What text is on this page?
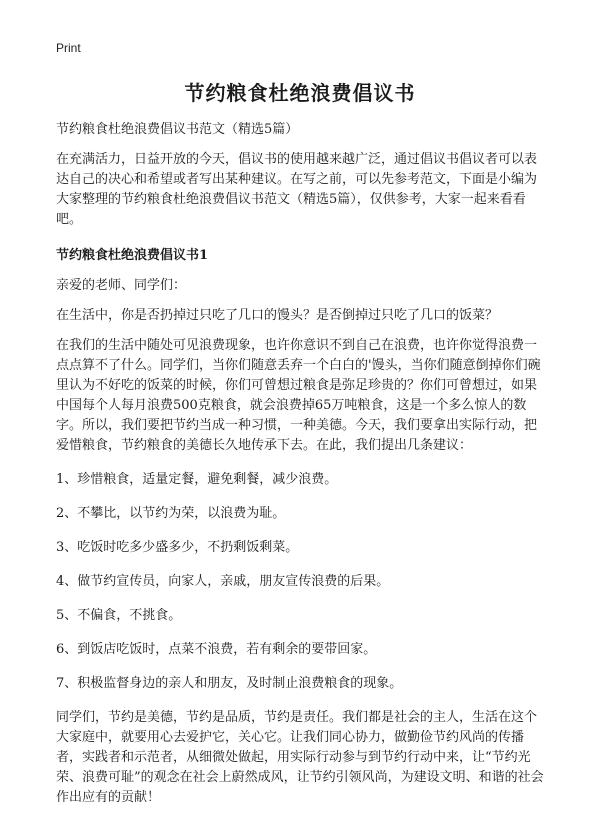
Print
节约粮食杜绝浪费倡议书

节约粮食杜绝浪费倡议书范文（精选5篇）

在充满活力，日益开放的今天，倡议书的使用越来越广泛，通过倡议书倡议者可以表达自己的决心和希望或者写出某种建议。在写之前，可以先参考范文，下面是小编为大家整理的节约粮食杜绝浪费倡议书范文（精选5篇），仅供参考，大家一起来看看吧。

节约粮食杜绝浪费倡议书1

亲爱的老师、同学们：

在生活中，你是否扔掉过只吃了几口的馒头？是否倒掉过只吃了几口的饭菜？

在我们的生活中随处可见浪费现象，也许你意识不到自己在浪费，也许你觉得浪费一点点算不了什么。同学们，当你们随意丢弃一个白白的'馒头，当你们随意倒掉你们碗里认为不好吃的饭菜的时候，你们可曾想过粮食是弥足珍贵的？你们可曾想过，如果中国每个人每月浪费500克粮食，就会浪费掉65万吨粮食，这是一个多么惊人的数字。所以，我们要把节约当成一种习惯，一种美德。今天，我们要拿出实际行动，把爱惜粮食，节约粮食的美德长久地传承下去。在此，我们提出几条建议：

1、珍惜粮食，适量定餐，避免剩餐，减少浪费。
2、不攀比，以节约为荣，以浪费为耻。
3、吃饭时吃多少盛多少，不扔剩饭剩菜。
4、做节约宣传员，向家人，亲戚，朋友宣传浪费的后果。
5、不偏食，不挑食。
6、到饭店吃饭时，点菜不浪费，若有剩余的要带回家。
7、积极监督身边的亲人和朋友，及时制止浪费粮食的现象。

同学们，节约是美德，节约是品质，节约是责任。我们都是社会的主人，生活在这个大家庭中，就要用心去爱护它，关心它。让我们同心协力，做勤俭节约风尚的传播者，实践者和示范者，从细微处做起，用实际行动参与到节约行动中来，让“节约光荣、浪费可耻”的观念在社会上蔚然成风，让节约引领风尚，为建设文明、和谐的社会作出应有的贡献！
